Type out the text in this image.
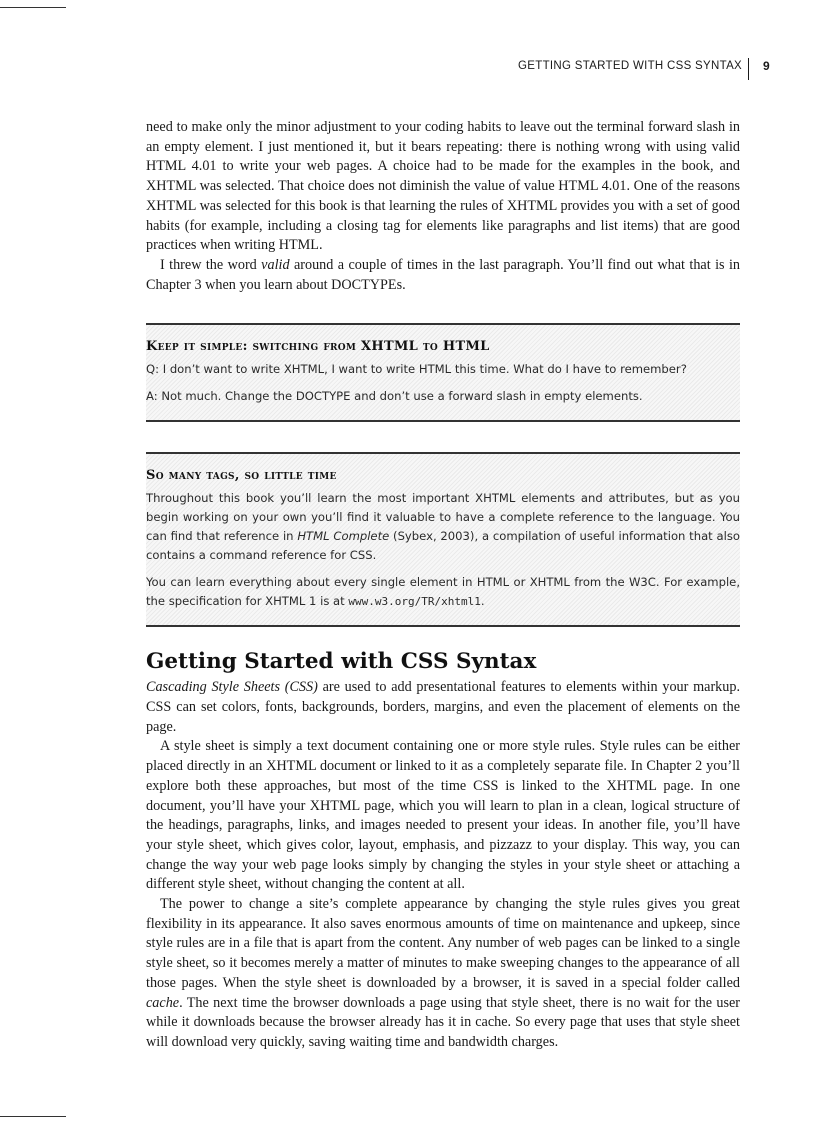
GETTING STARTED WITH CSS SYNTAX	9

need to make only the minor adjustment to your coding habits to leave out the terminal forward slash in an empty element. I just mentioned it, but it bears repeating: there is nothing wrong with using valid HTML 4.01 to write your web pages. A choice had to be made for the examples in the book, and XHTML was selected. That choice does not diminish the value of value HTML 4.01. One of the reasons XHTML was selected for this book is that learning the rules of XHTML provides you with a set of good habits (for example, including a closing tag for elements like paragraphs and list items) that are good practices when writing HTML.

I threw the word valid around a couple of times in the last paragraph. You’ll find out what that is in Chapter 3 when you learn about DOCTYPEs.

Keep it simple: switching from XHTML to HTML

Q: I don’t want to write XHTML, I want to write HTML this time. What do I have to remember?

A: Not much. Change the DOCTYPE and don’t use a forward slash in empty elements.

So many tags, so little time

Throughout this book you’ll learn the most important XHTML elements and attributes, but as you begin working on your own you’ll find it valuable to have a complete reference to the language. You can find that reference in HTML Complete (Sybex, 2003), a compilation of useful information that also contains a command reference for CSS.

You can learn everything about every single element in HTML or XHTML from the W3C. For example, the specification for XHTML 1 is at www.w3.org/TR/xhtml1.

Getting Started with CSS Syntax

Cascading Style Sheets (CSS) are used to add presentational features to elements within your markup. CSS can set colors, fonts, backgrounds, borders, margins, and even the placement of elements on the page.

A style sheet is simply a text document containing one or more style rules. Style rules can be either placed directly in an XHTML document or linked to it as a completely separate file. In Chapter 2 you’ll explore both these approaches, but most of the time CSS is linked to the XHTML page. In one document, you’ll have your XHTML page, which you will learn to plan in a clean, logical structure of the headings, paragraphs, links, and images needed to present your ideas. In another file, you’ll have your style sheet, which gives color, layout, emphasis, and pizzazz to your display. This way, you can change the way your web page looks simply by changing the styles in your style sheet or attaching a different style sheet, without changing the content at all.

The power to change a site’s complete appearance by changing the style rules gives you great flexibility in its appearance. It also saves enormous amounts of time on maintenance and upkeep, since style rules are in a file that is apart from the content. Any number of web pages can be linked to a single style sheet, so it becomes merely a matter of minutes to make sweeping changes to the appearance of all those pages. When the style sheet is downloaded by a browser, it is saved in a special folder called cache. The next time the browser downloads a page using that style sheet, there is no wait for the user while it downloads because the browser already has it in cache. So every page that uses that style sheet will download very quickly, saving waiting time and bandwidth charges.
